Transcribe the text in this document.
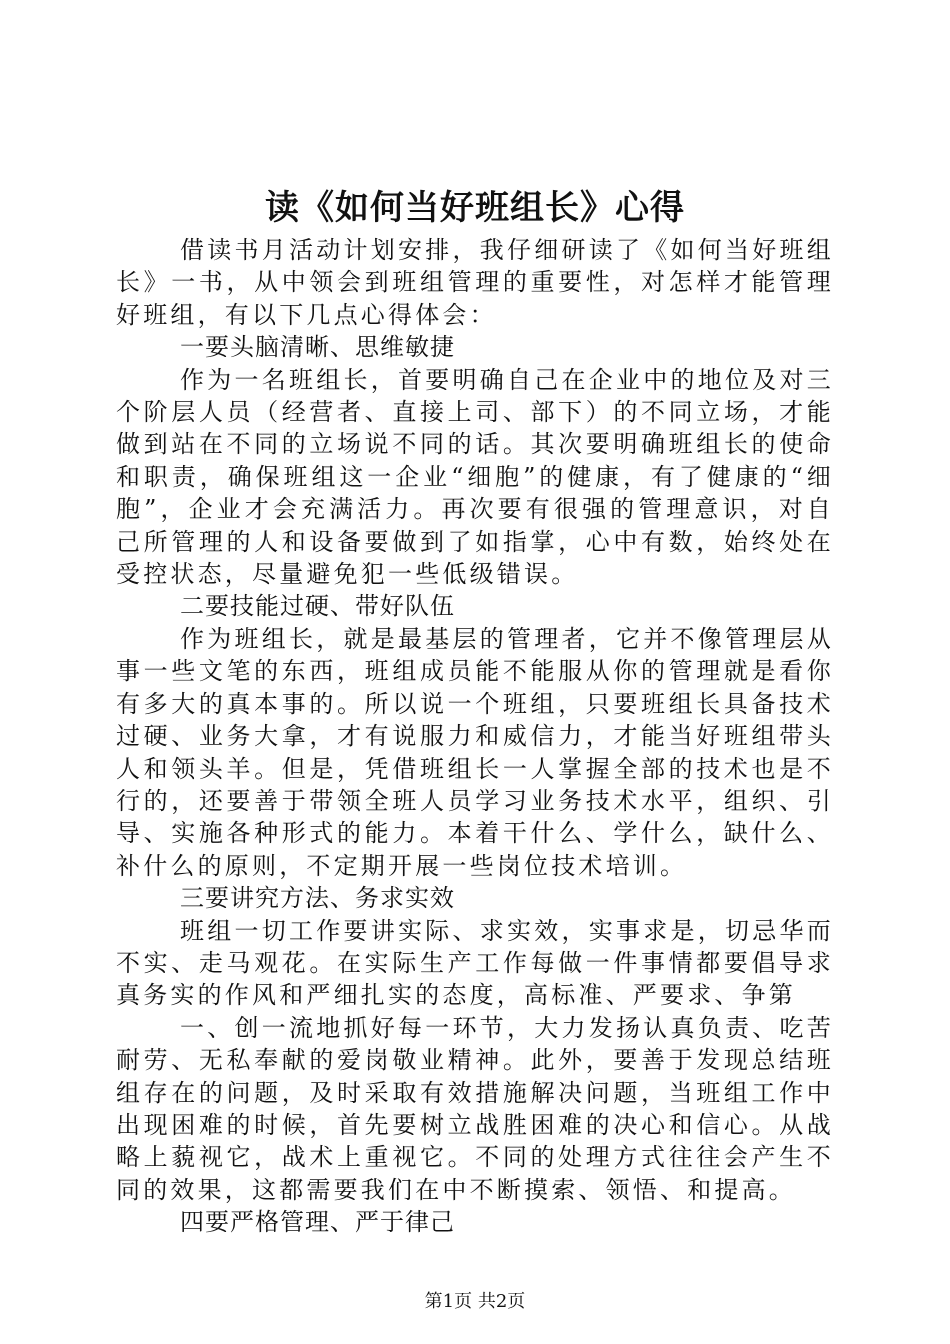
读《如何当好班组长》心得

借读书月活动计划安排，我仔细研读了《如何当好班组长》一书，从中领会到班组管理的重要性，对怎样才能管理好班组，有以下几点心得体会：

一要头脑清晰、思维敏捷

作为一名班组长，首要明确自己在企业中的地位及对三个阶层人员（经营者、直接上司、部下）的不同立场，才能做到站在不同的立场说不同的话。其次要明确班组长的使命和职责，确保班组这一企业“细胞”的健康，有了健康的“细胞”，企业才会充满活力。再次要有很强的管理意识，对自己所管理的人和设备要做到了如指掌，心中有数，始终处在受控状态，尽量避免犯一些低级错误。

二要技能过硬、带好队伍

作为班组长，就是最基层的管理者，它并不像管理层从事一些文笔的东西，班组成员能不能服从你的管理就是看你有多大的真本事的。所以说一个班组，只要班组长具备技术过硬、业务大拿，才有说服力和威信力，才能当好班组带头人和领头羊。但是，凭借班组长一人掌握全部的技术也是不行的，还要善于带领全班人员学习业务技术水平，组织、引导、实施各种形式的能力。本着干什么、学什么，缺什么、补什么的原则，不定期开展一些岗位技术培训。

三要讲究方法、务求实效

班组一切工作要讲实际、求实效，实事求是，切忌华而不实、走马观花。在实际生产工作每做一件事情都要倡导求真务实的作风和严细扎实的态度，高标准、严要求、争第

一、创一流地抓好每一环节，大力发扬认真负责、吃苦耐劳、无私奉献的爱岗敬业精神。此外，要善于发现总结班组存在的问题，及时采取有效措施解决问题，当班组工作中出现困难的时候，首先要树立战胜困难的决心和信心。从战略上藐视它，战术上重视它。不同的处理方式往往会产生不同的效果，这都需要我们在中不断摸索、领悟、和提高。

四要严格管理、严于律己

第1页 共2页
